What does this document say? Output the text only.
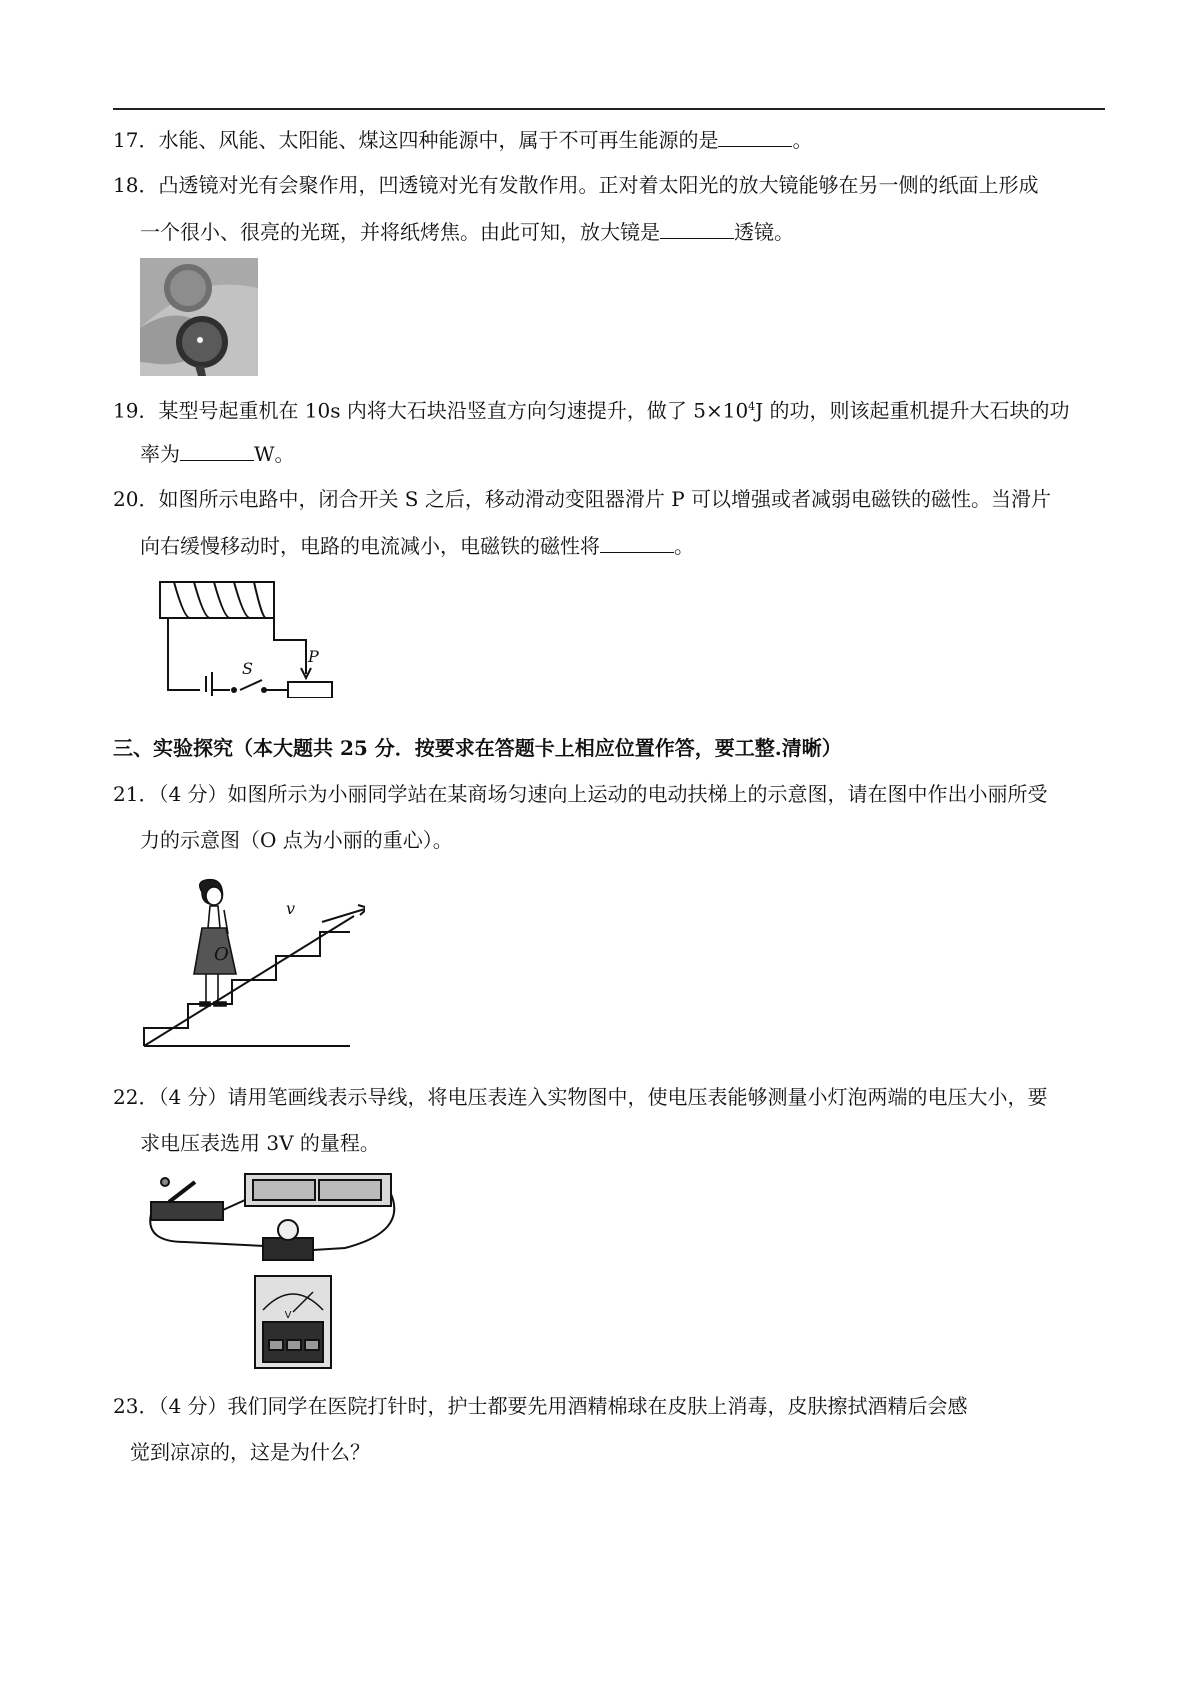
17．水能、风能、太阳能、煤这四种能源中，属于不可再生能源的是	。
18．凸透镜对光有会聚作用，凹透镜对光有发散作用。正对着太阳光的放大镜能够在另一侧的纸面上形成
一个很小、很亮的光斑，并将纸烤焦。由此可知，放大镜是	透镜。
19．某型号起重机在 10s 内将大石块沿竖直方向匀速提升，做了 $5\times 10^4J$ 的功，则该起重机提升大石块的功
率为	W。
20．如图所示电路中，闭合开关 S 之后，移动滑动变阻器滑片 P 可以增强或者减弱电磁铁的磁性。当滑片
向右缓慢移动时，电路的电流减小，电磁铁的磁性将	。
S
P
三、实验探究（本大题共 25 分．按要求在答题卡上相应位置作答，要工整.清晰）
21．（4 分）如图所示为小丽同学站在某商场匀速向上运动的电动扶梯上的示意图，请在图中作出小丽所受
力的示意图（O 点为小丽的重心）。
O
v
22．（4 分）请用笔画线表示导线，将电压表连入实物图中，使电压表能够测量小灯泡两端的电压大小，要
求电压表选用 3V 的量程。
V
23．（4 分）我们同学在医院打针时，护士都要先用酒精棉球在皮肤上消毒，皮肤擦拭酒精后会感
觉到凉凉的，这是为什么？
